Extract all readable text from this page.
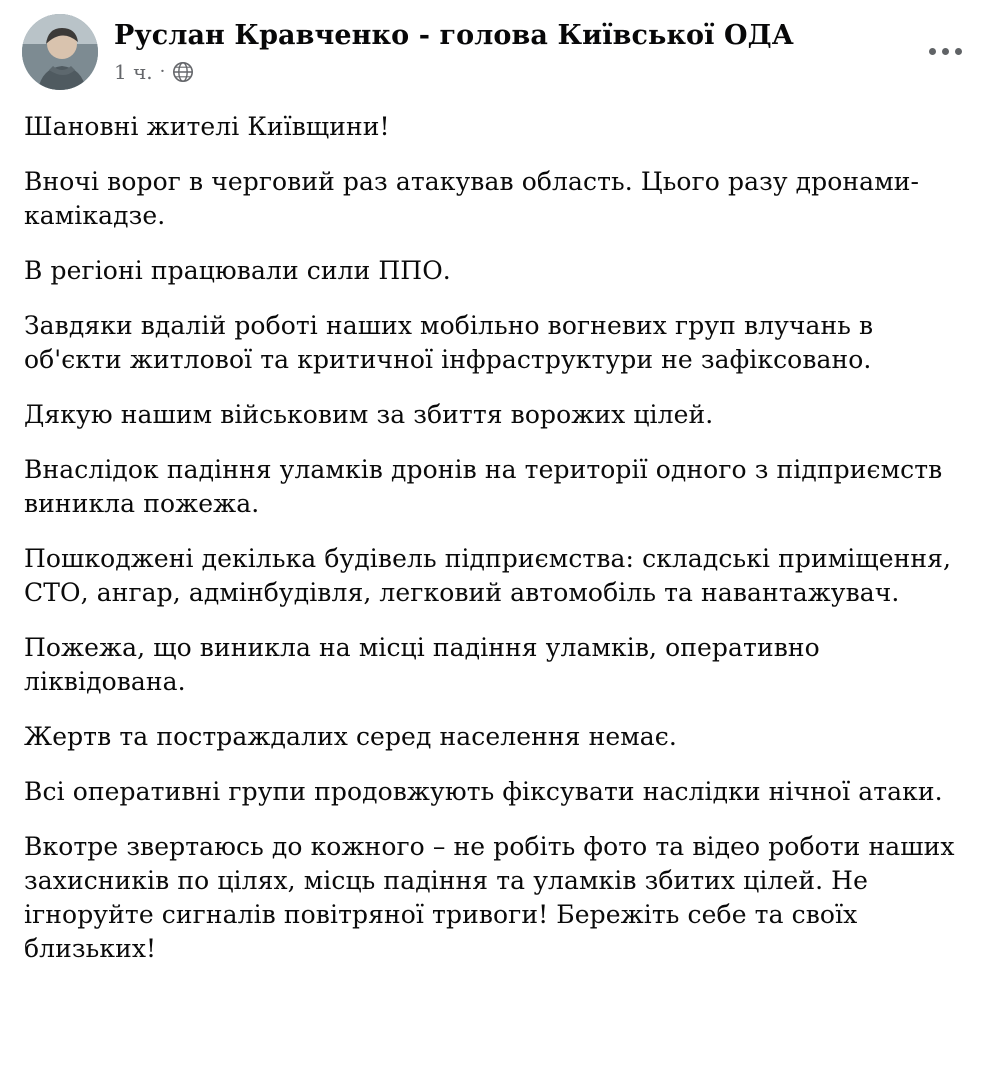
Руслан Кравченко - голова Київської ОДА
1 ч. ·

Шановні жителі Київщини!

Вночі ворог в черговий раз атакував область. Цього разу дронами-камікадзе.

В регіоні працювали сили ППО.

Завдяки вдалій роботі наших мобільно вогневих груп влучань в об'єкти житлової та критичної інфраструктури не зафіксовано.

Дякую нашим військовим за збиття ворожих цілей.

Внаслідок падіння уламків дронів на території одного з підприємств виникла пожежа.

Пошкоджені декілька будівель підприємства: складські приміщення, СТО, ангар, адмінбудівля, легковий автомобіль та навантажувач.

Пожежа, що виникла на місці падіння уламків, оперативно ліквідована.

Жертв та постраждалих серед населення немає.

Всі оперативні групи продовжують фіксувати наслідки нічної атаки.

Вкотре звертаюсь до кожного – не робіть фото та відео роботи наших захисників по цілях, місць падіння та уламків збитих цілей. Не ігноруйте сигналів повітряної тривоги! Бережіть себе та своїх близьких!
